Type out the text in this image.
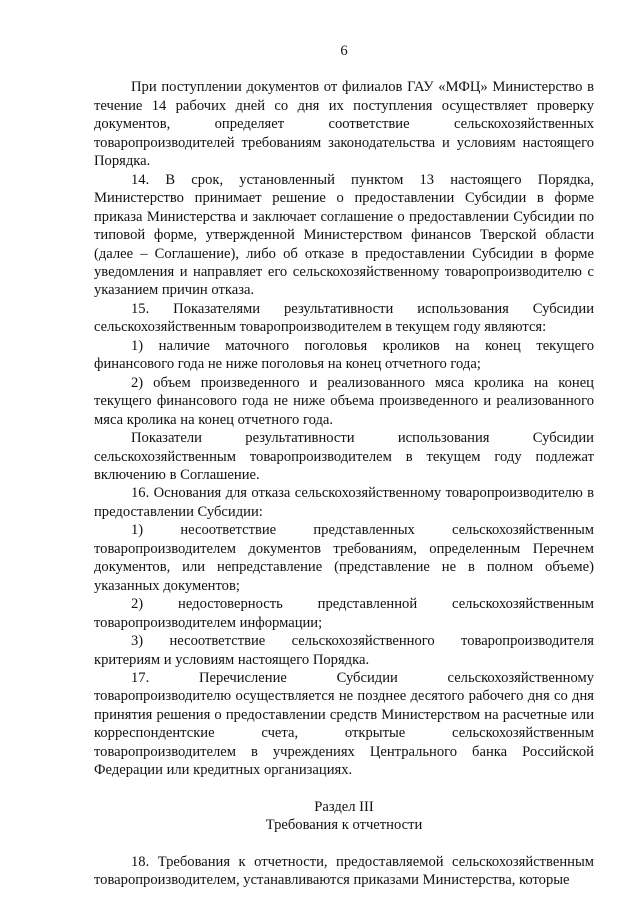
6

При поступлении документов от филиалов ГАУ «МФЦ» Министерство в течение 14 рабочих дней со дня их поступления осуществляет проверку документов, определяет соответствие сельскохозяйственных товаропроизводителей требованиям законодательства и условиям настоящего Порядка.

14. В срок, установленный пунктом 13 настоящего Порядка, Министерство принимает решение о предоставлении Субсидии в форме приказа Министерства и заключает соглашение о предоставлении Субсидии по типовой форме, утвержденной Министерством финансов Тверской области (далее – Соглашение), либо об отказе в предоставлении Субсидии в форме уведомления и направляет его сельскохозяйственному товаропроизводителю с указанием причин отказа.

15. Показателями результативности использования Субсидии сельскохозяйственным товаропроизводителем в текущем году являются:

1) наличие маточного поголовья кроликов на конец текущего финансового года не ниже поголовья на конец отчетного года;

2) объем произведенного и реализованного мяса кролика на конец текущего финансового года не ниже объема произведенного и реализованного мяса кролика на конец отчетного года.

Показатели результативности использования Субсидии сельскохозяйственным товаропроизводителем в текущем году подлежат включению в Соглашение.

16. Основания для отказа сельскохозяйственному товаропроизводителю в предоставлении Субсидии:

1) несоответствие представленных сельскохозяйственным товаропроизводителем документов требованиям, определенным Перечнем документов, или непредставление (представление не в полном объеме) указанных документов;

2) недостоверность представленной сельскохозяйственным товаропроизводителем информации;

3) несоответствие сельскохозяйственного товаропроизводителя критериям и условиям настоящего Порядка.

17. Перечисление Субсидии сельскохозяйственному товаропроизводителю осуществляется не позднее десятого рабочего дня со дня принятия решения о предоставлении средств Министерством на расчетные или корреспондентские счета, открытые сельскохозяйственным товаропроизводителем в учреждениях Центрального банка Российской Федерации или кредитных организациях.

Раздел III
Требования к отчетности

18. Требования к отчетности, предоставляемой сельскохозяйственным товаропроизводителем, устанавливаются приказами Министерства, которые
